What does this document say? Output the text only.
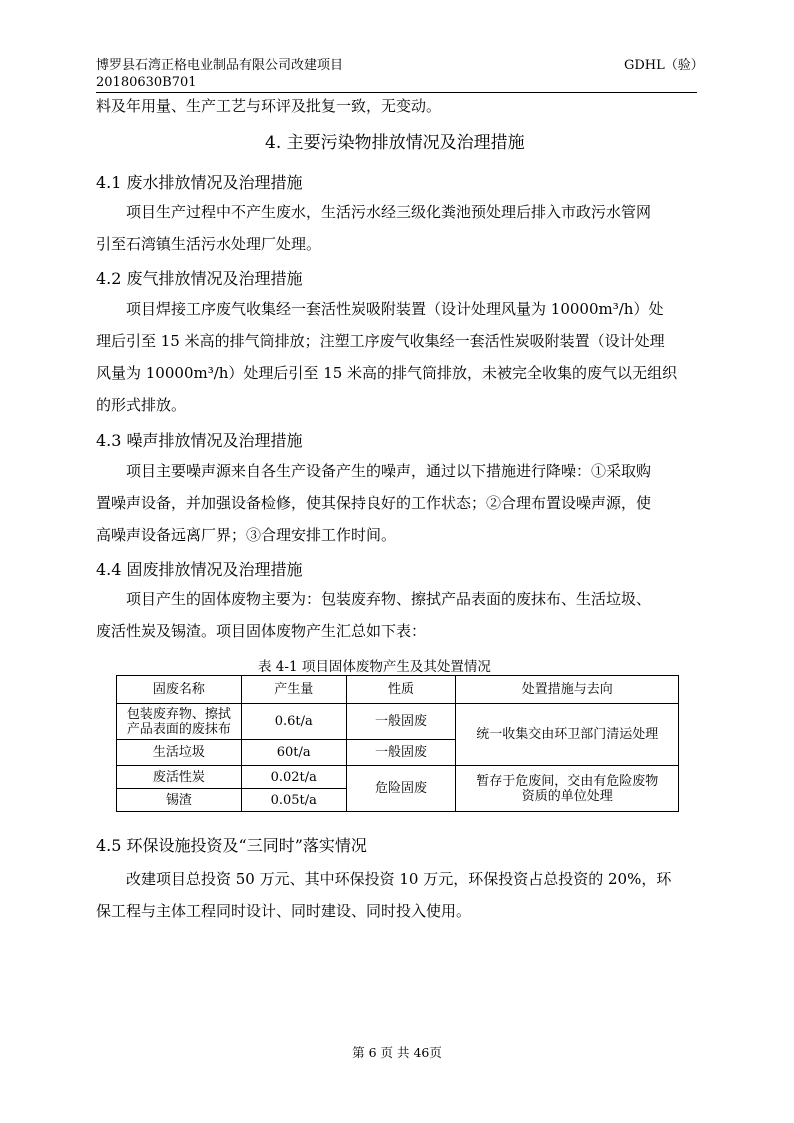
博罗县石湾正格电业制品有限公司改建项目	GDHL（验）
20180630B701
料及年用量、生产工艺与环评及批复一致，无变动。
4. 主要污染物排放情况及治理措施
4.1 废水排放情况及治理措施
项目生产过程中不产生废水，生活污水经三级化粪池预处理后排入市政污水管网
引至石湾镇生活污水处理厂处理。
4.2 废气排放情况及治理措施
项目焊接工序废气收集经一套活性炭吸附装置（设计处理风量为 10000m³/h）处
理后引至 15 米高的排气筒排放；注塑工序废气收集经一套活性炭吸附装置（设计处理
风量为 10000m³/h）处理后引至 15 米高的排气筒排放，未被完全收集的废气以无组织
的形式排放。
4.3 噪声排放情况及治理措施
项目主要噪声源来自各生产设备产生的噪声，通过以下措施进行降噪：①采取购
置噪声设备，并加强设备检修，使其保持良好的工作状态；②合理布置设噪声源，使
高噪声设备远离厂界；③合理安排工作时间。
4.4 固废排放情况及治理措施
项目产生的固体废物主要为：包装废弃物、擦拭产品表面的废抹布、生活垃圾、
废活性炭及锡渣。项目固体废物产生汇总如下表：
表 4-1 项目固体废物产生及其处置情况
固废名称	产生量	性质	处置措施与去向
包装废弃物、擦拭
产品表面的废抹布	0.6t/a	一般固废	统一收集交由环卫部门清运处理
生活垃圾	60t/a	一般固废	
废活性炭	0.02t/a	危险固废	暂存于危废间，交由有危险废物
资质的单位处理
锡渣	0.05t/a		
4.5 环保设施投资及“三同时”落实情况
改建项目总投资 50 万元、其中环保投资 10 万元，环保投资占总投资的 20%，环
保工程与主体工程同时设计、同时建设、同时投入使用。
第 6 页 共 46页
